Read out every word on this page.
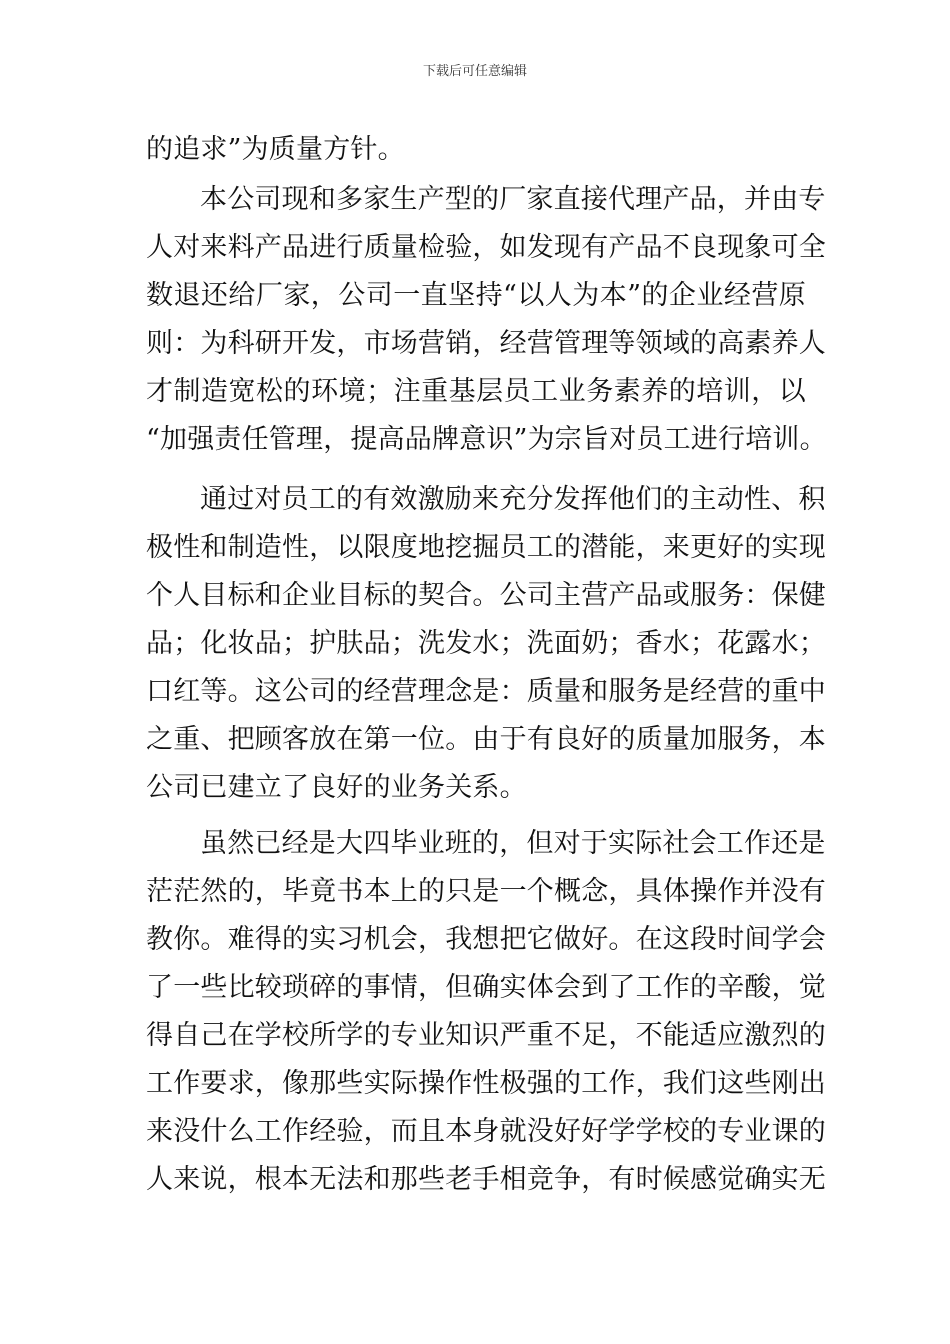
下载后可任意编辑
的追求”为质量方针。
本公司现和多家生产型的厂家直接代理产品，并由专
人对来料产品进行质量检验，如发现有产品不良现象可全
数退还给厂家，公司一直坚持“以人为本”的企业经营原
则：为科研开发，市场营销，经营管理等领域的高素养人
才制造宽松的环境；注重基层员工业务素养的培训，以
“加强责任管理，提高品牌意识”为宗旨对员工进行培训。
通过对员工的有效激励来充分发挥他们的主动性、积
极性和制造性，以限度地挖掘员工的潜能，来更好的实现
个人目标和企业目标的契合。公司主营产品或服务：保健
品；化妆品；护肤品；洗发水；洗面奶；香水；花露水；
口红等。这公司的经营理念是：质量和服务是经营的重中
之重、把顾客放在第一位。由于有良好的质量加服务，本
公司已建立了良好的业务关系。
虽然已经是大四毕业班的，但对于实际社会工作还是
茫茫然的，毕竟书本上的只是一个概念，具体操作并没有
教你。难得的实习机会，我想把它做好。在这段时间学会
了一些比较琐碎的事情，但确实体会到了工作的辛酸，觉
得自己在学校所学的专业知识严重不足，不能适应激烈的
工作要求，像那些实际操作性极强的工作，我们这些刚出
来没什么工作经验，而且本身就没好好学学校的专业课的
人来说，根本无法和那些老手相竞争，有时候感觉确实无
